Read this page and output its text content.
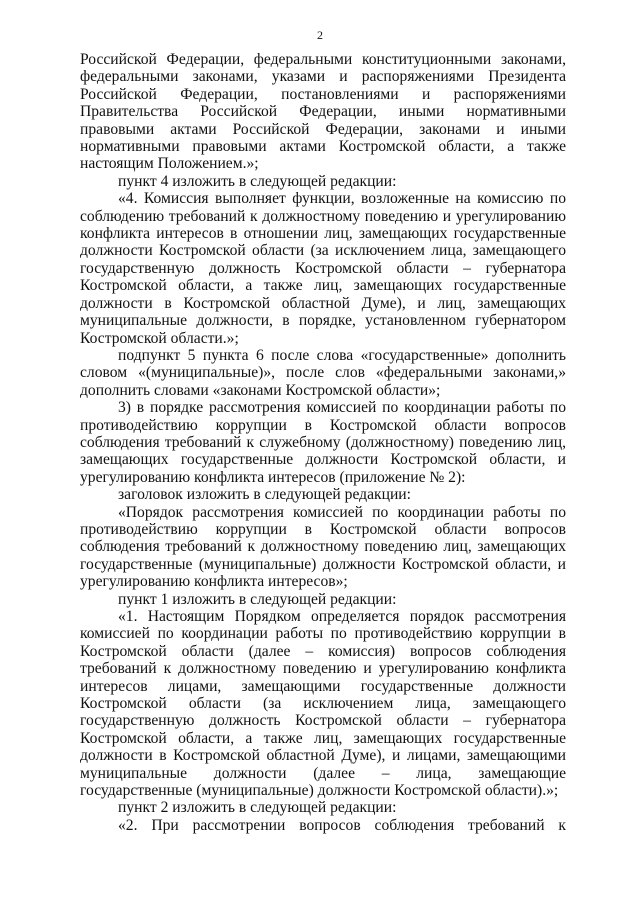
2

Российской Федерации, федеральными конституционными законами, федеральными законами, указами и распоряжениями Президента Российской Федерации, постановлениями и распоряжениями Правительства Российской Федерации, иными нормативными правовыми актами Российской Федерации, законами и иными нормативными правовыми актами Костромской области, а также настоящим Положением.»;

пункт 4 изложить в следующей редакции:

«4. Комиссия выполняет функции, возложенные на комиссию по соблюдению требований к должностному поведению и урегулированию конфликта интересов в отношении лиц, замещающих государственные должности Костромской области (за исключением лица, замещающего государственную должность Костромской области – губернатора Костромской области, а также лиц, замещающих государственные должности в Костромской областной Думе), и лиц, замещающих муниципальные должности, в порядке, установленном губернатором Костромской области.»;

подпункт 5 пункта 6 после слова «государственные» дополнить словом «(муниципальные)», после слов «федеральными законами,» дополнить словами «законами Костромской области»;

3) в порядке рассмотрения комиссией по координации работы по противодействию коррупции в Костромской области вопросов соблюдения требований к служебному (должностному) поведению лиц, замещающих государственные должности Костромской области, и урегулированию конфликта интересов (приложение № 2):

заголовок изложить в следующей редакции:

«Порядок рассмотрения комиссией по координации работы по противодействию коррупции в Костромской области вопросов соблюдения требований к должностному поведению лиц, замещающих государственные (муниципальные) должности Костромской области, и урегулированию конфликта интересов»;

пункт 1 изложить в следующей редакции:

«1. Настоящим Порядком определяется порядок рассмотрения комиссией по координации работы по противодействию коррупции в Костромской области (далее – комиссия) вопросов соблюдения требований к должностному поведению и урегулированию конфликта интересов лицами, замещающими государственные должности Костромской области (за исключением лица, замещающего государственную должность Костромской области – губернатора Костромской области, а также лиц, замещающих государственные должности в Костромской областной Думе), и лицами, замещающими муниципальные должности (далее – лица, замещающие государственные (муниципальные) должности Костромской области).»;

пункт 2 изложить в следующей редакции:

«2. При рассмотрении вопросов соблюдения требований к
